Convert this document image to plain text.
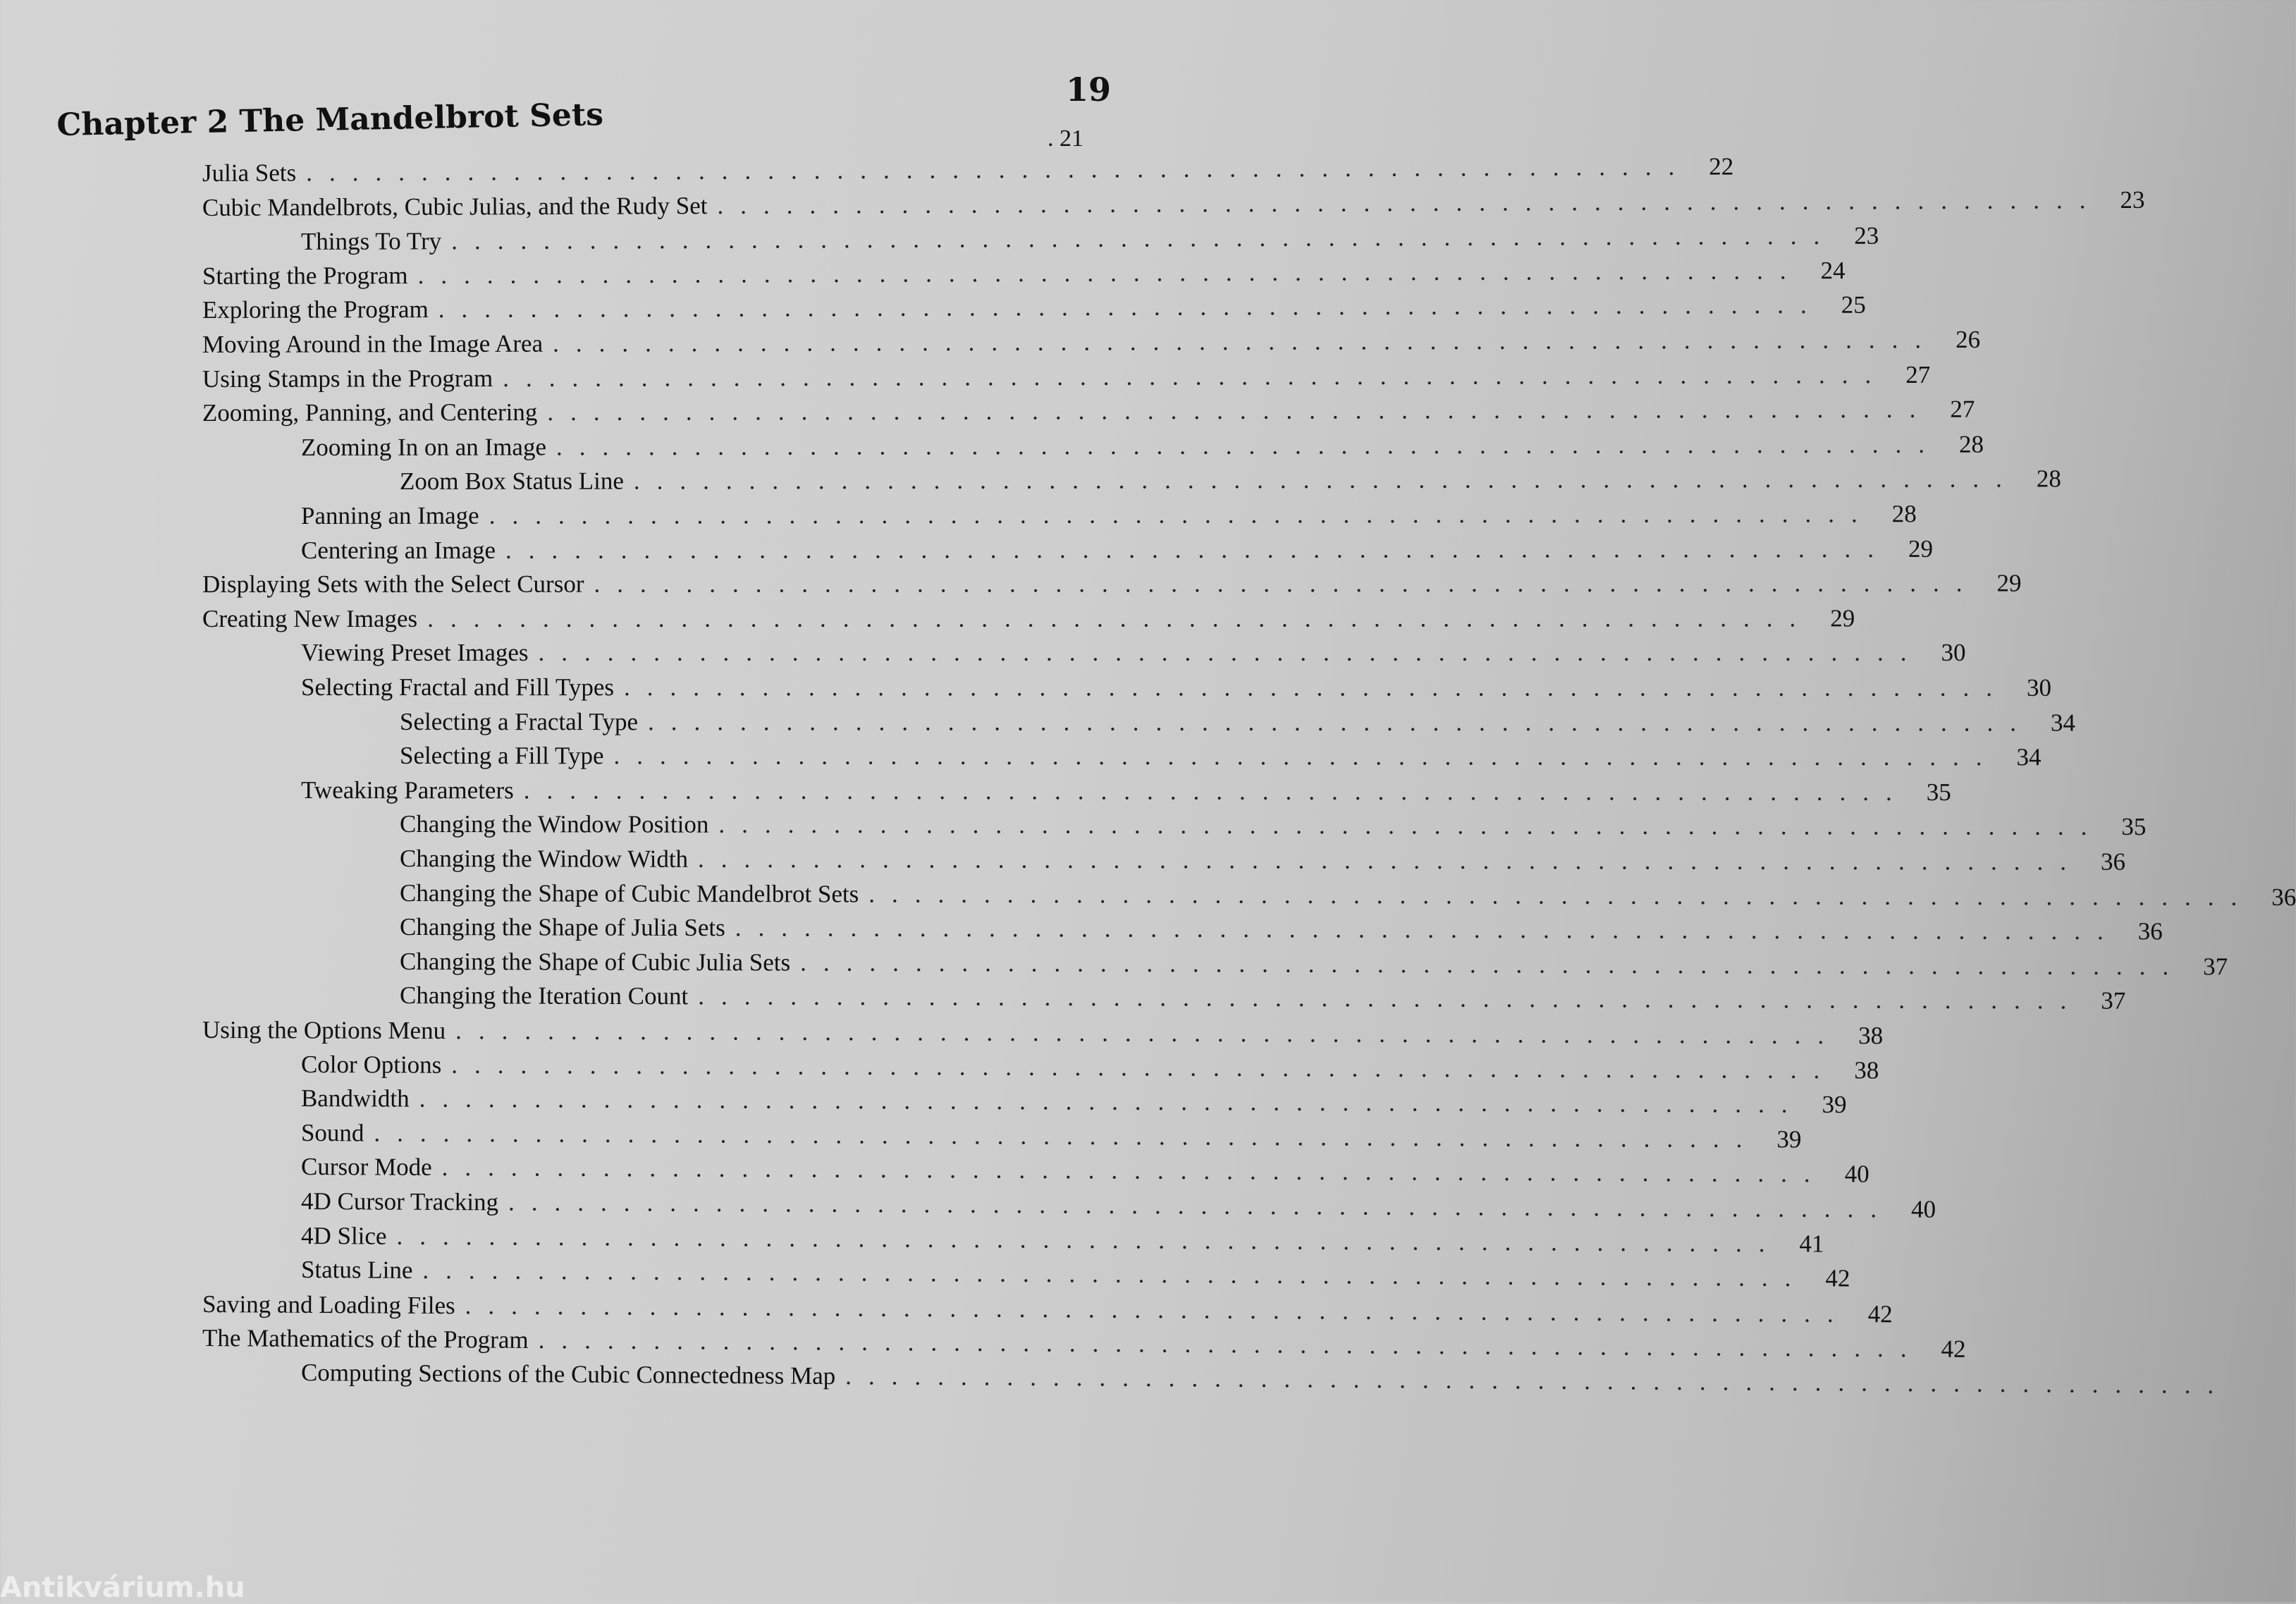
19
Chapter 2 The Mandelbrot Sets	. 21
Julia Sets ............................................................ 22
Cubic Mandelbrots, Cubic Julias, and the Rudy Set ............................................................ 23
Things To Try ............................................................ 23
Starting the Program ............................................................ 24
Exploring the Program ............................................................ 25
Moving Around in the Image Area ............................................................ 26
Using Stamps in the Program ............................................................ 27
Zooming, Panning, and Centering ............................................................ 27
Zooming In on an Image ............................................................ 28
Zoom Box Status Line ............................................................ 28
Panning an Image ............................................................ 28
Centering an Image ............................................................ 29
Displaying Sets with the Select Cursor ............................................................ 29
Creating New Images ............................................................ 29
Viewing Preset Images ............................................................ 30
Selecting Fractal and Fill Types ............................................................ 30
Selecting a Fractal Type ............................................................ 34
Selecting a Fill Type ............................................................ 34
Tweaking Parameters ............................................................ 35
Changing the Window Position ............................................................ 35
Changing the Window Width ............................................................ 36
Changing the Shape of Cubic Mandelbrot Sets ............................................................ 36
Changing the Shape of Julia Sets ............................................................ 36
Changing the Shape of Cubic Julia Sets ............................................................ 37
Changing the Iteration Count ............................................................ 37
Using the Options Menu ............................................................ 38
Color Options ............................................................ 38
Bandwidth ............................................................ 39
Sound ............................................................ 39
Cursor Mode ............................................................ 40
4D Cursor Tracking ............................................................ 40
4D Slice ............................................................ 41
Status Line ............................................................ 42
Saving and Loading Files ............................................................ 42
The Mathematics of the Program ............................................................ 42
Computing Sections of the Cubic Connectedness Map ............................................................

Antikvárium.hu
